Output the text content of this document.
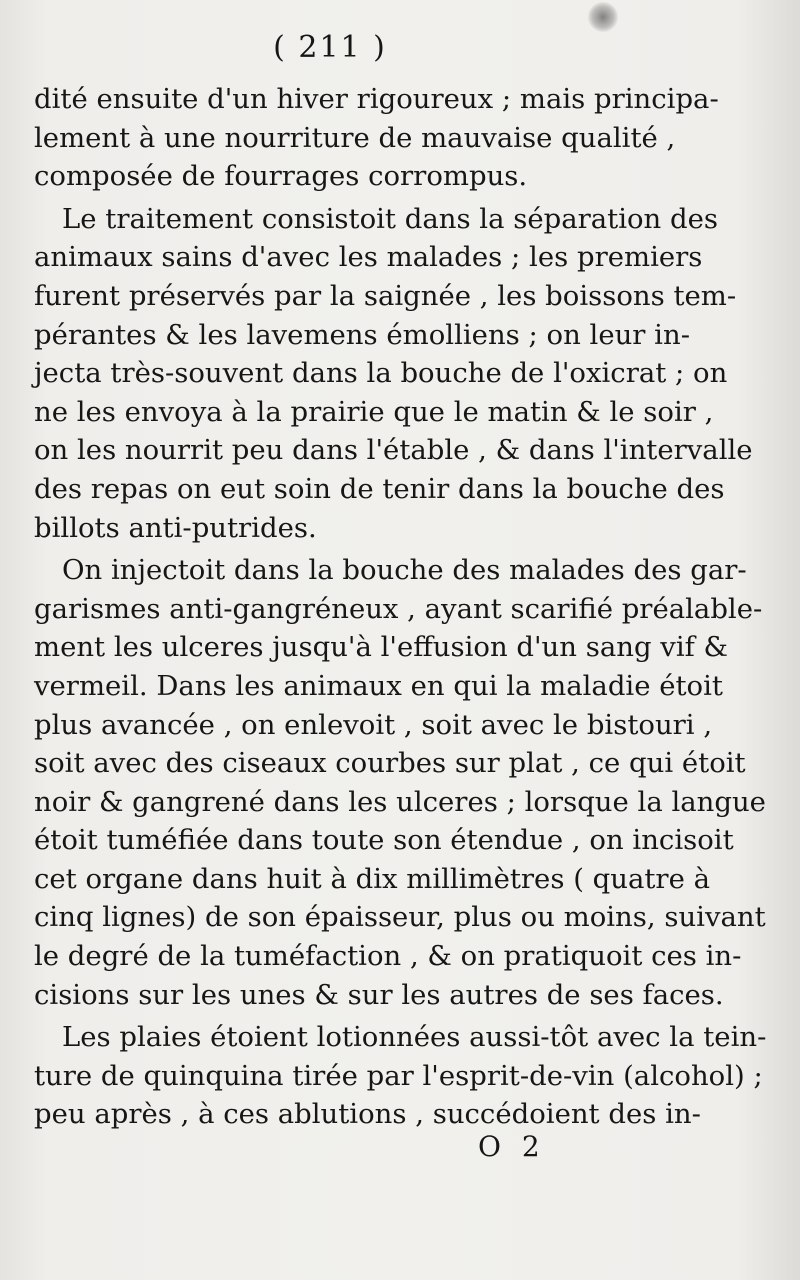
( 211 )
dité ensuite d'un hiver rigoureux ; mais principa-
lement à une nourriture de mauvaise qualité ,
composée de fourrages corrompus.
Le traitement consistoit dans la séparation des
animaux sains d'avec les malades ; les premiers
furent préservés par la saignée , les boissons tem-
pérantes & les lavemens émolliens ; on leur in-
jecta très-souvent dans la bouche de l'oxicrat ; on
ne les envoya à la prairie que le matin & le soir ,
on les nourrit peu dans l'étable , & dans l'intervalle
des repas on eut soin de tenir dans la bouche des
billots anti-putrides.
On injectoit dans la bouche des malades des gar-
garismes anti-gangréneux , ayant scarifié préalable-
ment les ulceres jusqu'à l'effusion d'un sang vif &
vermeil. Dans les animaux en qui la maladie étoit
plus avancée , on enlevoit , soit avec le bistouri ,
soit avec des ciseaux courbes sur plat , ce qui étoit
noir & gangrené dans les ulceres ; lorsque la langue
étoit tuméfiée dans toute son étendue , on incisoit
cet organe dans huit à dix millimètres ( quatre à
cinq lignes) de son épaisseur, plus ou moins, suivant
le degré de la tuméfaction , & on pratiquoit ces in-
cisions sur les unes & sur les autres de ses faces.
Les plaies étoient lotionnées aussi-tôt avec la tein-
ture de quinquina tirée par l'esprit-de-vin (alcohol) ;
peu après , à ces ablutions , succédoient des in-
O 2
